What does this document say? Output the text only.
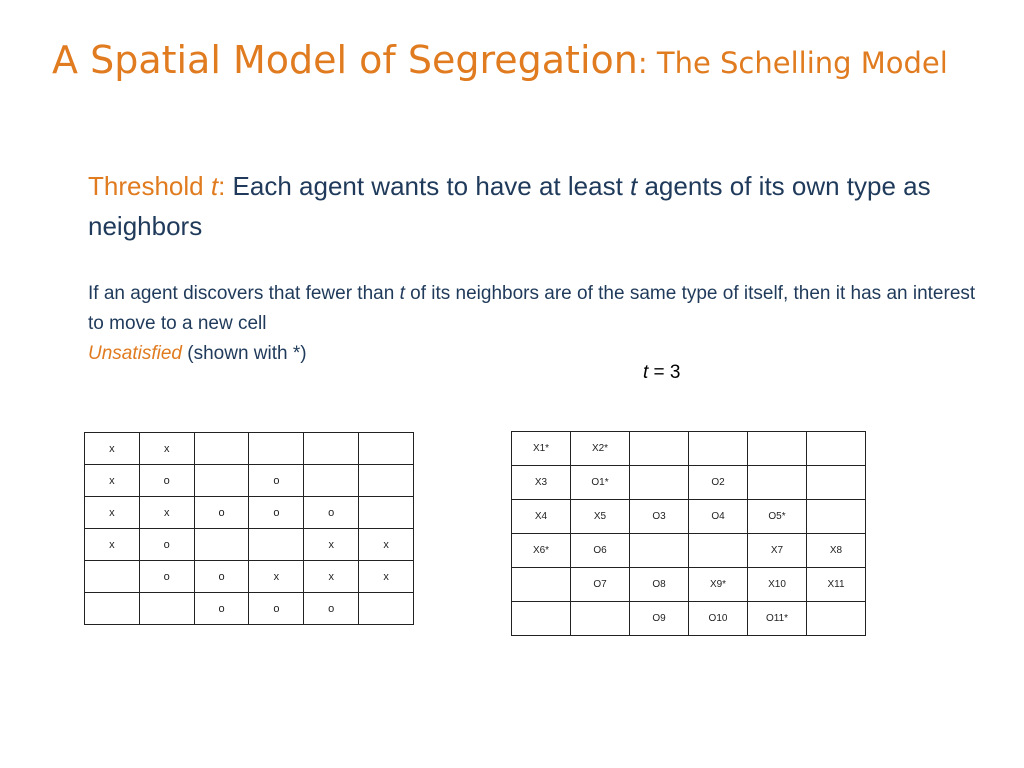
A Spatial Model of Segregation: The Schelling Model
Threshold t: Each agent wants to have at least t agents of its own type as neighbors
If an agent discovers that fewer than t of its neighbors are of the same type of itself, then it has an interest to move to a new cell
Unsatisfied (shown with *)
t = 3
x	x				
x	o		o		
x	x	o	o	o	
x	o			x	x
	o	o	x	x	x
		o	o	o	
X1*	X2*				
X3	O1*		O2		
X4	X5	O3	O4	O5*	
X6*	O6			X7	X8
	O7	O8	X9*	X10	X11
		O9	O10	O11*	
